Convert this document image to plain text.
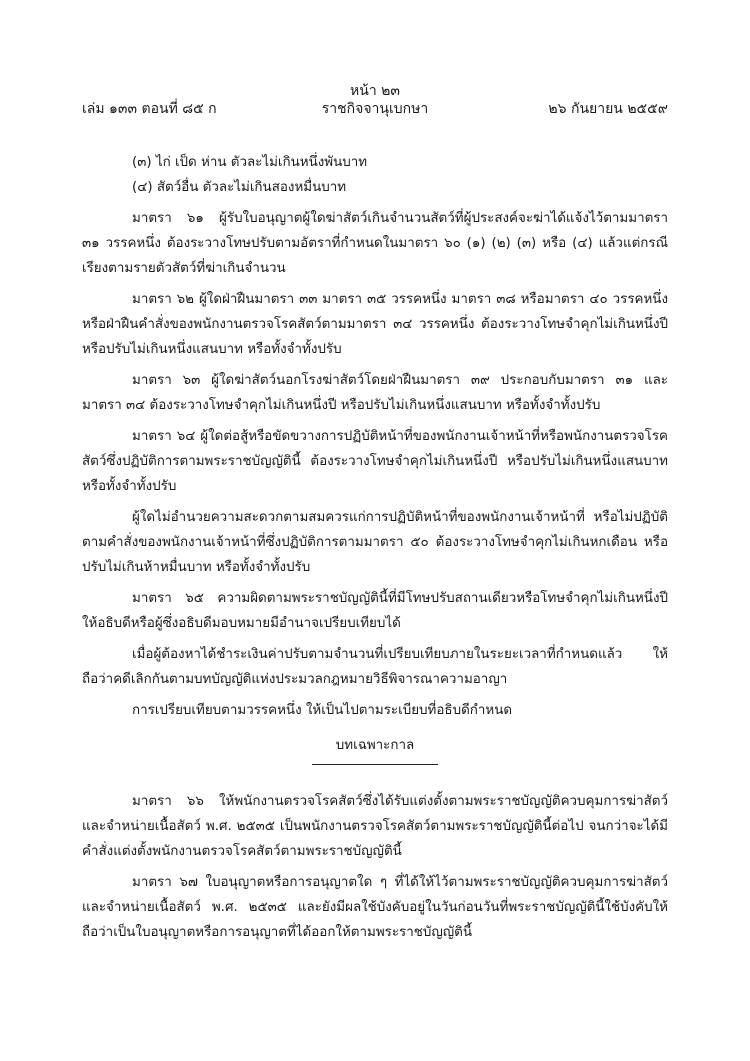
หน้า ๒๓
เล่ม ๑๓๓ ตอนที่ ๘๕ ก	ราชกิจจานุเบกษา	๒๖ กันยายน ๒๕๕๙

(๓) ไก่ เป็ด ห่าน ตัวละไม่เกินหนึ่งพันบาท

(๔) สัตว์อื่น ตัวละไม่เกินสองหมื่นบาท

มาตรา ๖๑ ผู้รับใบอนุญาตผู้ใดฆ่าสัตว์เกินจำนวนสัตว์ที่ผู้ประสงค์จะฆ่าได้แจ้งไว้ตามมาตรา ๓๑ วรรคหนึ่ง ต้องระวางโทษปรับตามอัตราที่กำหนดในมาตรา ๖๐ (๑) (๒) (๓) หรือ (๔) แล้วแต่กรณี เรียงตามรายตัวสัตว์ที่ฆ่าเกินจำนวน

มาตรา ๖๒ ผู้ใดฝ่าฝืนมาตรา ๓๓ มาตรา ๓๕ วรรคหนึ่ง มาตรา ๓๘ หรือมาตรา ๔๐ วรรคหนึ่ง หรือฝ่าฝืนคำสั่งของพนักงานตรวจโรคสัตว์ตามมาตรา ๓๔ วรรคหนึ่ง ต้องระวางโทษจำคุกไม่เกินหนึ่งปี หรือปรับไม่เกินหนึ่งแสนบาท หรือทั้งจำทั้งปรับ

มาตรา ๖๓ ผู้ใดฆ่าสัตว์นอกโรงฆ่าสัตว์โดยฝ่าฝืนมาตรา ๓๙ ประกอบกับมาตรา ๓๑ และมาตรา ๓๔ ต้องระวางโทษจำคุกไม่เกินหนึ่งปี หรือปรับไม่เกินหนึ่งแสนบาท หรือทั้งจำทั้งปรับ

มาตรา ๖๔ ผู้ใดต่อสู้หรือขัดขวางการปฏิบัติหน้าที่ของพนักงานเจ้าหน้าที่หรือพนักงานตรวจโรคสัตว์ซึ่งปฏิบัติการตามพระราชบัญญัตินี้ ต้องระวางโทษจำคุกไม่เกินหนึ่งปี หรือปรับไม่เกินหนึ่งแสนบาท หรือทั้งจำทั้งปรับ

ผู้ใดไม่อำนวยความสะดวกตามสมควรแก่การปฏิบัติหน้าที่ของพนักงานเจ้าหน้าที่ หรือไม่ปฏิบัติตามคำสั่งของพนักงานเจ้าหน้าที่ซึ่งปฏิบัติการตามมาตรา ๕๐ ต้องระวางโทษจำคุกไม่เกินหกเดือน หรือปรับไม่เกินห้าหมื่นบาท หรือทั้งจำทั้งปรับ

มาตรา ๖๕ ความผิดตามพระราชบัญญัตินี้ที่มีโทษปรับสถานเดียวหรือโทษจำคุกไม่เกินหนึ่งปี ให้อธิบดีหรือผู้ซึ่งอธิบดีมอบหมายมีอำนาจเปรียบเทียบได้

เมื่อผู้ต้องหาได้ชำระเงินค่าปรับตามจำนวนที่เปรียบเทียบภายในระยะเวลาที่กำหนดแล้ว ให้ถือว่าคดีเลิกกันตามบทบัญญัติแห่งประมวลกฎหมายวิธีพิจารณาความอาญา

การเปรียบเทียบตามวรรคหนึ่ง ให้เป็นไปตามระเบียบที่อธิบดีกำหนด

บทเฉพาะกาล

มาตรา ๖๖ ให้พนักงานตรวจโรคสัตว์ซึ่งได้รับแต่งตั้งตามพระราชบัญญัติควบคุมการฆ่าสัตว์และจำหน่ายเนื้อสัตว์ พ.ศ. ๒๕๓๕ เป็นพนักงานตรวจโรคสัตว์ตามพระราชบัญญัตินี้ต่อไป จนกว่าจะได้มีคำสั่งแต่งตั้งพนักงานตรวจโรคสัตว์ตามพระราชบัญญัตินี้

มาตรา ๖๗ ใบอนุญาตหรือการอนุญาตใด ๆ ที่ได้ให้ไว้ตามพระราชบัญญัติควบคุมการฆ่าสัตว์และจำหน่ายเนื้อสัตว์ พ.ศ. ๒๕๓๕ และยังมีผลใช้บังคับอยู่ในวันก่อนวันที่พระราชบัญญัตินี้ใช้บังคับให้ถือว่าเป็นใบอนุญาตหรือการอนุญาตที่ได้ออกให้ตามพระราชบัญญัตินี้
